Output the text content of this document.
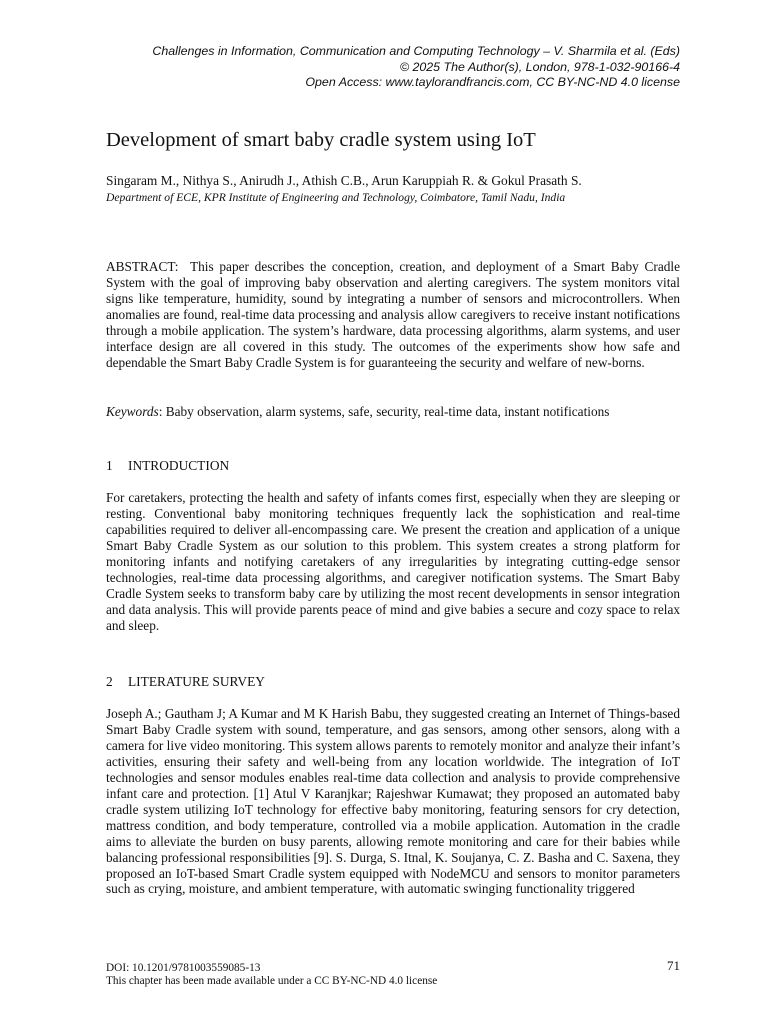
Challenges in Information, Communication and Computing Technology – V. Sharmila et al. (Eds)
© 2025 The Author(s), London, 978-1-032-90166-4
Open Access: www.taylorandfrancis.com, CC BY-NC-ND 4.0 license
Development of smart baby cradle system using IoT
Singaram M., Nithya S., Anirudh J., Athish C.B., Arun Karuppiah R. & Gokul Prasath S.
Department of ECE, KPR Institute of Engineering and Technology, Coimbatore, Tamil Nadu, India

ABSTRACT: This paper describes the conception, creation, and deployment of a Smart Baby Cradle System with the goal of improving baby observation and alerting caregivers. The system monitors vital signs like temperature, humidity, sound by integrating a number of sensors and microcontrollers. When anomalies are found, real-time data processing and analysis allow caregivers to receive instant notifications through a mobile application. The system’s hardware, data processing algorithms, alarm systems, and user interface design are all covered in this study. The outcomes of the experiments show how safe and dependable the Smart Baby Cradle System is for guaranteeing the security and welfare of new-borns.

Keywords: Baby observation, alarm systems, safe, security, real-time data, instant notifications

1 INTRODUCTION

For caretakers, protecting the health and safety of infants comes first, especially when they are sleeping or resting. Conventional baby monitoring techniques frequently lack the sophistication and real-time capabilities required to deliver all-encompassing care. We present the creation and application of a unique Smart Baby Cradle System as our solution to this problem. This system creates a strong platform for monitoring infants and notifying caretakers of any irregularities by integrating cutting-edge sensor technologies, real-time data processing algorithms, and caregiver notification systems. The Smart Baby Cradle System seeks to transform baby care by utilizing the most recent developments in sensor integration and data analysis. This will provide parents peace of mind and give babies a secure and cozy space to relax and sleep.

2 LITERATURE SURVEY

Joseph A.; Gautham J; A Kumar and M K Harish Babu, they suggested creating an Internet of Things-based Smart Baby Cradle system with sound, temperature, and gas sensors, among other sensors, along with a camera for live video monitoring. This system allows parents to remotely monitor and analyze their infant’s activities, ensuring their safety and well-being from any location worldwide. The integration of IoT technologies and sensor modules enables real-time data collection and analysis to provide comprehensive infant care and protection. [1] Atul V Karanjkar; Rajeshwar Kumawat; they proposed an automated baby cradle system utilizing IoT technology for effective baby monitoring, featuring sensors for cry detection, mattress condition, and body temperature, controlled via a mobile application. Automation in the cradle aims to alleviate the burden on busy parents, allowing remote monitoring and care for their babies while balancing professional responsibilities [9]. S. Durga, S. Itnal, K. Soujanya, C. Z. Basha and C. Saxena, they proposed an IoT-based Smart Cradle system equipped with NodeMCU and sensors to monitor parameters such as crying, moisture, and ambient temperature, with automatic swinging functionality triggered

DOI: 10.1201/9781003559085-13
This chapter has been made available under a CC BY-NC-ND 4.0 license
71
